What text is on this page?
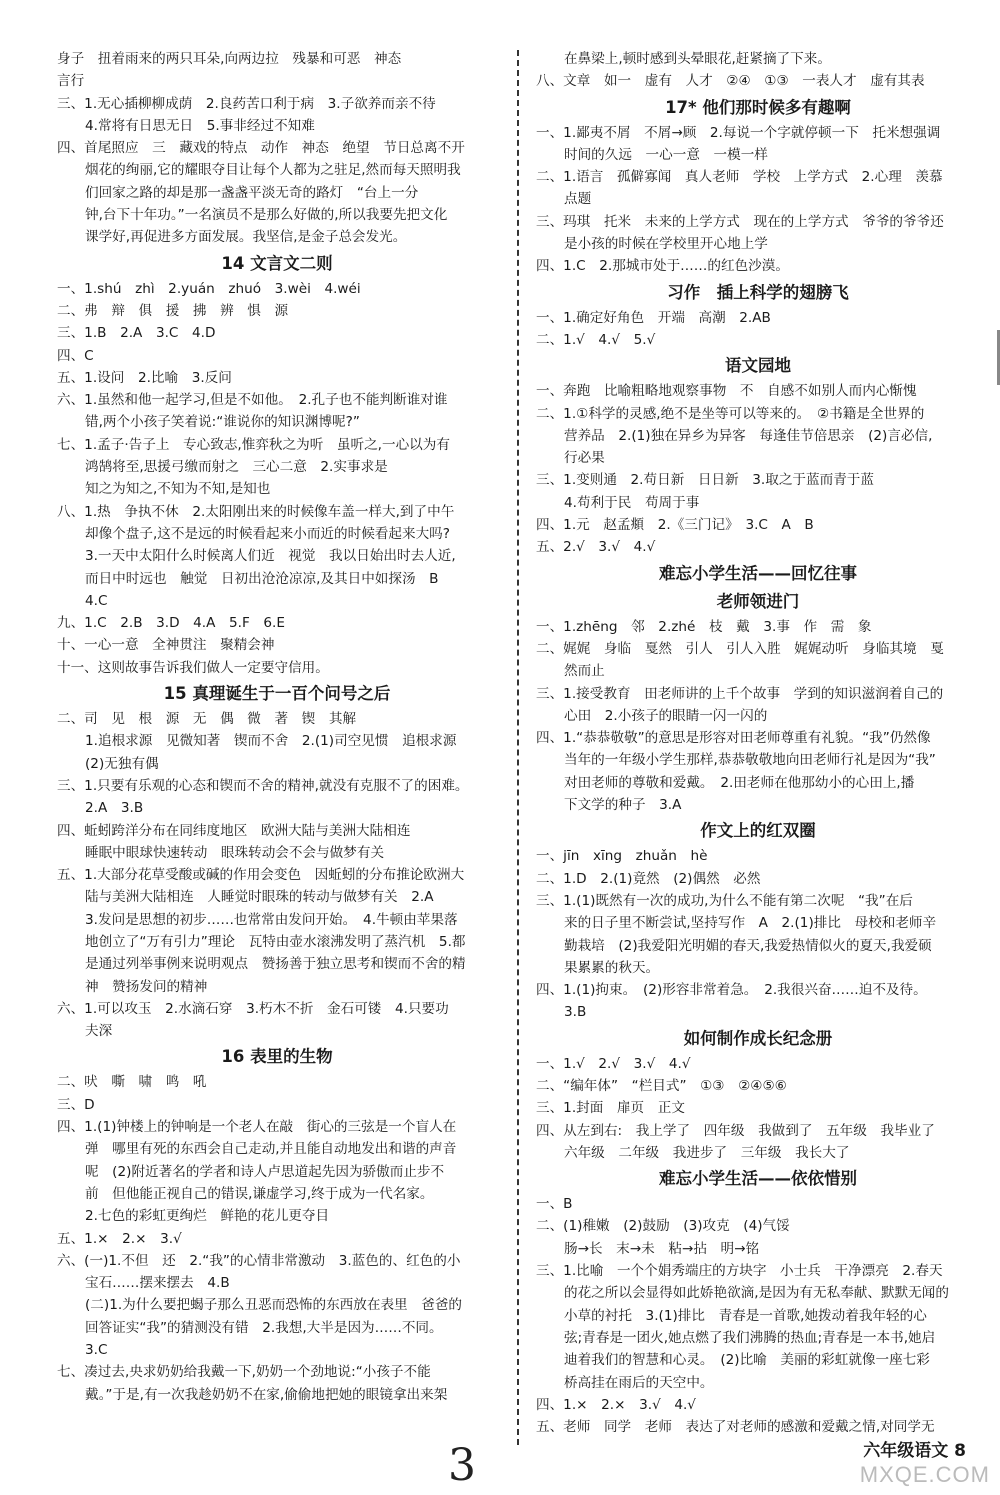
身子　扭着雨来的两只耳朵,向两边拉　残暴和可恶　神态
言行
三、1.无心插柳柳成荫　2.良药苦口利于病　3.子欲养而亲不待
4.常将有日思无日　5.事非经过不知难
四、首尾照应　三　藏戏的特点　动作　神态　绝望　节日总离不开
烟花的绚丽,它的耀眼夺目让每个人都为之驻足,然而每天照明我
们回家之路的却是那一盏盏平淡无奇的路灯　“台上一分
钟,台下十年功。”一名演员不是那么好做的,所以我要先把文化
课学好,再促进多方面发展。我坚信,是金子总会发光。
14 文言文二则
一、1.shú　zhì　2.yuán　zhuó　3.wèi　4.wéi
二、弗　辩　俱　援　拂　辨　惧　源
三、1.B　2.A　3.C　4.D
四、C
五、1.设问　2.比喻　3.反问
六、1.虽然和他一起学习,但是不如他。　2.孔子也不能判断谁对谁
错,两个小孩子笑着说:“谁说你的知识渊博呢?”
七、1.孟子·告子上　专心致志,惟弈秋之为听　虽听之,一心以为有
鸿鹄将至,思援弓缴而射之　三心二意　2.实事求是
知之为知之,不知为不知,是知也
八、1.热　争执不休　2.太阳刚出来的时候像车盖一样大,到了中午
却像个盘子,这不是远的时候看起来小而近的时候看起来大吗?
3.一天中太阳什么时候离人们近　视觉　我以日始出时去人近,
而日中时远也　触觉　日初出沧沧凉凉,及其日中如探汤　B
4.C
九、1.C　2.B　3.D　4.A　5.F　6.E
十、一心一意　全神贯注　聚精会神
十一、这则故事告诉我们做人一定要守信用。
15 真理诞生于一百个问号之后
二、司　见　根　源　无　偶　微　著　锲　其解
1.追根求源　见微知著　锲而不舍　2.(1)司空见惯　追根求源
(2)无独有偶
三、1.只要有乐观的心态和锲而不舍的精神,就没有克服不了的困难。
2.A　3.B
四、蚯蚓跨洋分布在同纬度地区　欧洲大陆与美洲大陆相连
睡眠中眼球快速转动　眼珠转动会不会与做梦有关
五、1.大部分花草受酸或碱的作用会变色　因蚯蚓的分布推论欧洲大
陆与美洲大陆相连　人睡觉时眼珠的转动与做梦有关　2.A
3.发问是思想的初步……也常常由发问开始。　4.牛顿由苹果落
地创立了“万有引力”理论　瓦特由壶水滚沸发明了蒸汽机　5.都
是通过列举事例来说明观点　赞扬善于独立思考和锲而不舍的精
神　赞扬发问的精神
六、1.可以攻玉　2.水滴石穿　3.朽木不折　金石可镂　4.只要功
夫深
16 表里的生物
二、吠　嘶　啸　鸣　吼
三、D
四、1.(1)钟楼上的钟响是一个老人在敲　街心的三弦是一个盲人在
弹　哪里有死的东西会自己走动,并且能自动地发出和谐的声音
呢　(2)附近著名的学者和诗人卢思道起先因为骄傲而止步不
前　但他能正视自己的错误,谦虚学习,终于成为一代名家。
2.七色的彩虹更绚烂　鲜艳的花儿更夺目
五、1.×　2.×　3.√
六、(一)1.不但　还　2.“我”的心情非常激动　3.蓝色的、红色的小
宝石……摆来摆去　4.B
(二)1.为什么要把蝎子那么丑恶而恐怖的东西放在表里　爸爸的
回答证实“我”的猜测没有错　2.我想,大半是因为……不同。
3.C
七、凑过去,央求奶奶给我戴一下,奶奶一个劲地说:“小孩子不能
戴。”于是,有一次我趁奶奶不在家,偷偷地把她的眼镜拿出来架
在鼻梁上,顿时感到头晕眼花,赶紧摘了下来。
八、文章　如一　虚有　人才　②④　①③　一表人才　虚有其表
17* 他们那时候多有趣啊
一、1.鄙夷不屑　不屑→顾　2.每说一个字就停顿一下　托米想强调
时间的久远　一心一意　一模一样
二、1.语言　孤僻寡闻　真人老师　学校　上学方式　2.心理　羡慕
点题
三、玛琪　托米　未来的上学方式　现在的上学方式　爷爷的爷爷还
是小孩的时候在学校里开心地上学
四、1.C　2.那城市处于……的红色沙漠。
习作　插上科学的翅膀飞
一、1.确定好角色　开端　高潮　2.AB
二、1.√　4.√　5.√
语文园地
一、奔跑　比喻粗略地观察事物　不　自感不如别人而内心惭愧
二、1.①科学的灵感,绝不是坐等可以等来的。　②书籍是全世界的
营养品　2.(1)独在异乡为异客　每逢佳节倍思亲　(2)言必信,
行必果
三、1.变则通　2.苟日新　日日新　3.取之于蓝而青于蓝
4.苟利于民　苟周于事
四、1.元　赵孟頫　2.《三门记》　3.C　A　B
五、2.√　3.√　4.√
难忘小学生活——回忆往事
老师领进门
一、1.zhēng　邻　2.zhé　枝　戴　3.事　作　需　象
二、娓娓　身临　戛然　引人　引人入胜　娓娓动听　身临其境　戛
然而止
三、1.接受教育　田老师讲的上千个故事　学到的知识滋润着自己的
心田　2.小孩子的眼睛一闪一闪的
四、1.“恭恭敬敬”的意思是形容对田老师尊重有礼貌。“我”仍然像
当年的一年级小学生那样,恭恭敬敬地向田老师行礼是因为“我”
对田老师的尊敬和爱戴。　2.田老师在他那幼小的心田上,播
下文学的种子　3.A
作文上的红双圈
一、jīn　xīng　zhuǎn　hè
二、1.D　2.(1)竟然　(2)偶然　必然
三、1.(1)既然有一次的成功,为什么不能有第二次呢　“我”在后
来的日子里不断尝试,坚持写作　A　2.(1)排比　母校和老师辛
勤栽培　(2)我爱阳光明媚的春天,我爱热情似火的夏天,我爱硕
果累累的秋天。
四、1.(1)拘束。　(2)形容非常着急。　2.我很兴奋……迫不及待。
3.B
如何制作成长纪念册
一、1.√　2.√　3.√　4.√
二、“编年体”　“栏目式”　①③　②④⑤⑥
三、1.封面　扉页　正文
四、从左到右:　我上学了　四年级　我做到了　五年级　我毕业了
六年级　二年级　我进步了　三年级　我长大了
难忘小学生活——依依惜别
一、B
二、(1)稚嫩　(2)鼓励　(3)攻克　(4)气馁
肠→长　末→未　粘→拈　明→铭
三、1.比喻　一个个娟秀端庄的方块字　小士兵　干净漂亮　2.春天
的花之所以会显得如此娇艳欲滴,是因为有无私奉献、默默无闻的
小草的衬托　3.(1)排比　青春是一首歌,她拨动着我年轻的心
弦;青春是一团火,她点燃了我们沸腾的热血;青春是一本书,她启
迪着我们的智慧和心灵。　(2)比喻　美丽的彩虹就像一座七彩
桥高挂在雨后的天空中。
四、1.×　2.×　3.√　4.√
五、老师　同学　老师　表达了对老师的感激和爱戴之情,对同学无
六年级语文 8
3	MXQE.COM
